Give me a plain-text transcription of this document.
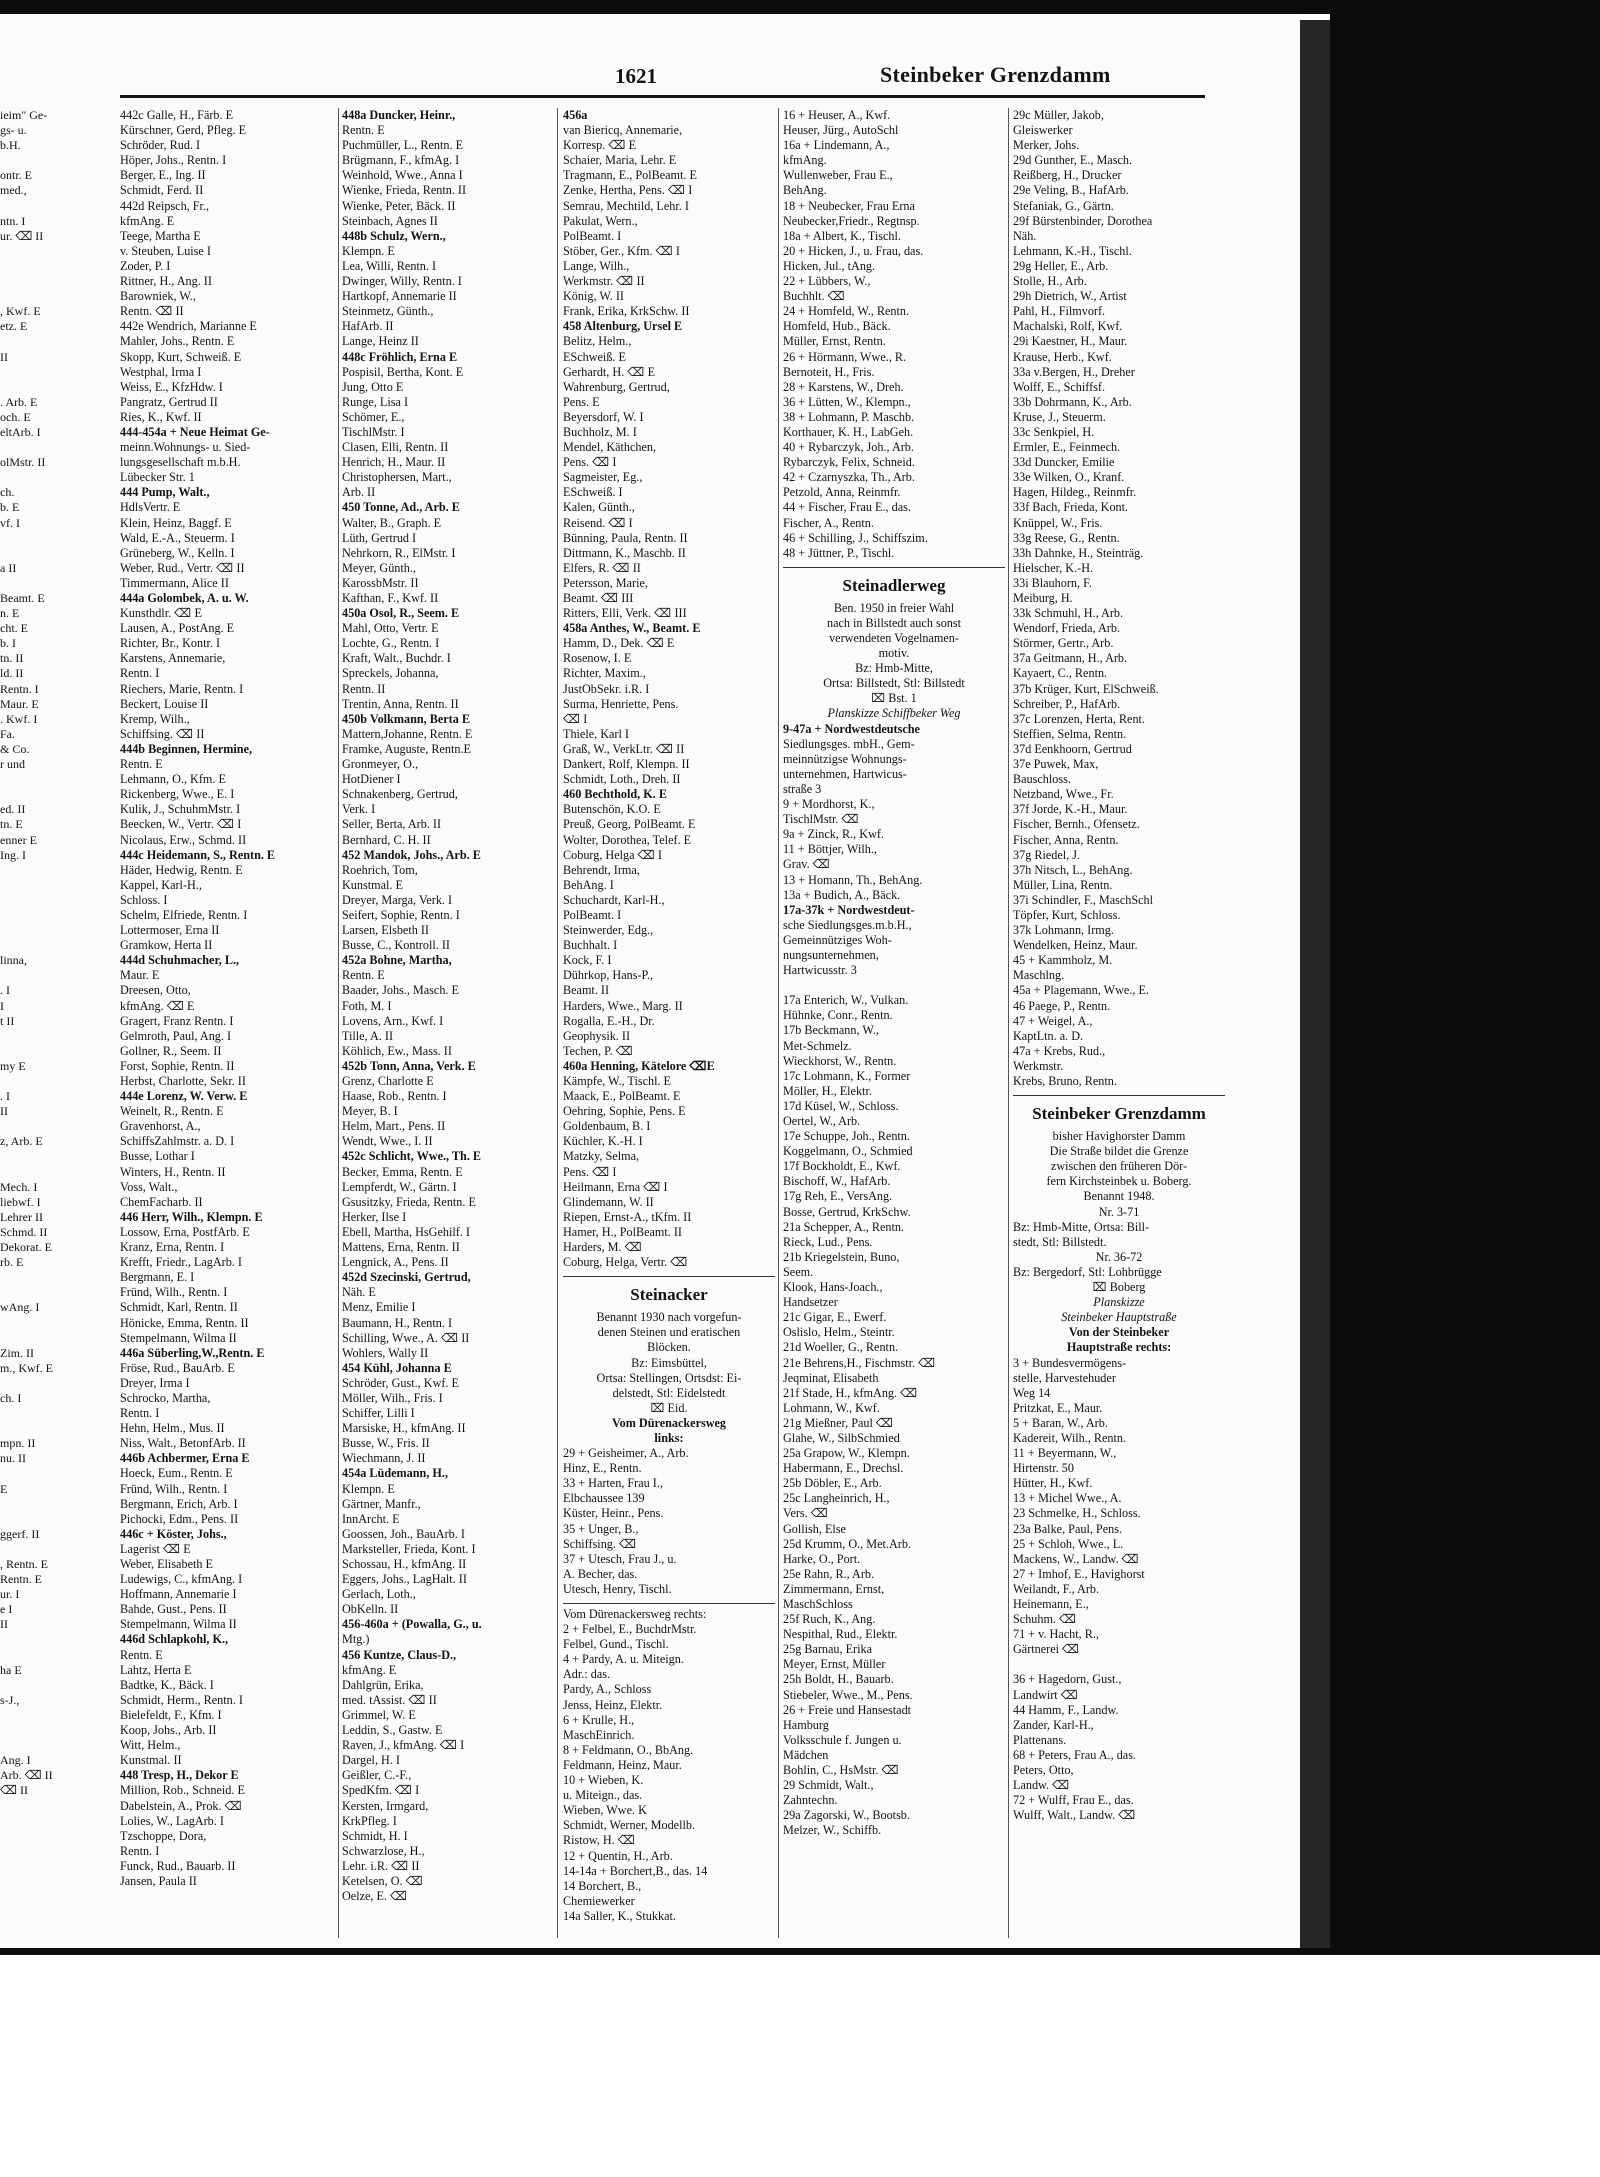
1621	Steinbeker Grenzdamm
ieim" Ge-
gs- u.
b.H.
ontr. E
med.,
ntn. I
ur. ⌫ II
, Kwf. E
etz. E
II
. Arb. E
och. E
eltArb. I
olMstr. II
ch.
b. E
vf. I
a II
Beamt. E
n. E
cht. E
b. I
tn. II
ld. II
Rentn. I
Maur. E
. Kwf. I
Fa.
& Co.
r und
ed. II
tn. E
enner E
Ing. I
linna,
. I
I
t II
my E
. I
II
z, Arb. E
Mech. I
liebwf. I
Lehrer II
Schmd. II
Dekorat. E
rb. E
wAng. I
Zim. II
m., Kwf. E
ch. I
mpn. II
nu. II
E
ggerf. II
, Rentn. E
Rentn. E
ur. I
e I
II
ha E
s-J.,
Ang. I
Arb. ⌫ II
⌫ II
442c Galle, H., Färb. E
Kürschner, Gerd, Pfleg. E
Schröder, Rud. I
Höper, Johs., Rentn. I
Berger, E., Ing. II
Schmidt, Ferd. II
442d Reipsch, Fr.,
kfmAng. E
Teege, Martha E
v. Steuben, Luise I
Zoder, P. I
Rittner, H., Ang. II
Barowniek, W.,
Rentn. ⌫ II
442e Wendrich, Marianne E
Mahler, Johs., Rentn. E
Skopp, Kurt, Schweiß. E
Westphal, Irma I
Weiss, E., KfzHdw. I
Pangratz, Gertrud II
Ries, K., Kwf. II
444-454a + Neue Heimat Ge-
meinn.Wohnungs- u. Sied-
lungsgesellschaft m.b.H.
Lübecker Str. 1
444 Pump, Walt.,
HdlsVertr. E
Klein, Heinz, Baggf. E
Wald, E.-A., Steuerm. I
Grüneberg, W., Kelln. I
Weber, Rud., Vertr. ⌫ II
Timmermann, Alice II
444a Golombek, A. u. W.
Kunsthdlr. ⌫ E
Lausen, A., PostAng. E
Richter, Br., Kontr. I
Karstens, Annemarie,
Rentn. I
Riechers, Marie, Rentn. I
Beckert, Louise II
Kremp, Wilh.,
Schiffsing. ⌫ II
444b Beginnen, Hermine,
Rentn. E
Lehmann, O., Kfm. E
Rickenberg, Wwe., E. I
Kulik, J., SchuhmMstr. I
Beecken, W., Vertr. ⌫ I
Nicolaus, Erw., Schmd. II
444c Heidemann, S., Rentn. E
Häder, Hedwig, Rentn. E
Kappel, Karl-H.,
Schloss. I
Schelm, Elfriede, Rentn. I
Lottermoser, Erna II
Gramkow, Herta II
444d Schuhmacher, L.,
Maur. E
Dreesen, Otto,
kfmAng. ⌫ E
Gragert, Franz Rentn. I
Gelmroth, Paul, Ang. I
Gollner, R., Seem. II
Forst, Sophie, Rentn. II
Herbst, Charlotte, Sekr. II
444e Lorenz, W. Verw. E
Weinelt, R., Rentn. E
Gravenhorst, A.,
SchiffsZahlmstr. a. D. I
Busse, Lothar I
Winters, H., Rentn. II
Voss, Walt.,
ChemFacharb. II
446 Herr, Wilh., Klempn. E
Lossow, Erna, PostfArb. E
Kranz, Erna, Rentn. I
Krefft, Friedr., LagArb. I
Bergmann, E. I
Fründ, Wilh., Rentn. I
Schmidt, Karl, Rentn. II
Hönicke, Emma, Rentn. II
Stempelmann, Wilma II
446a Süberling,W.,Rentn. E
Fröse, Rud., BauArb. E
Dreyer, Irma I
Schrocko, Martha,
Rentn. I
Hehn, Helm., Mus. II
Niss, Walt., BetonfArb. II
446b Achbermer, Erna E
Hoeck, Eum., Rentn. E
Fründ, Wilh., Rentn. I
Bergmann, Erich, Arb. I
Pichocki, Edm., Pens. II
446c + Köster, Johs.,
Lagerist ⌫ E
Weber, Elisabeth E
Ludewigs, C., kfmAng. I
Hoffmann, Annemarie I
Bahde, Gust., Pens. II
Stempelmann, Wilma II
446d Schlapkohl, K.,
Rentn. E
Lahtz, Herta E
Badtke, K., Bäck. I
Schmidt, Herm., Rentn. I
Bielefeldt, F., Kfm. I
Koop, Johs., Arb. II
Witt, Helm.,
Kunstmal. II
448 Tresp, H., Dekor E
Million, Rob., Schneid. E
Dabelstein, A., Prok. ⌫
Lolies, W., LagArb. I
Tzschoppe, Dora,
Rentn. I
Funck, Rud., Bauarb. II
Jansen, Paula II
448a Duncker, Heinr.,
Rentn. E
Puchmüller, L., Rentn. E
Brügmann, F., kfmAg. I
Weinhold, Wwe., Anna I
Wienke, Frieda, Rentn. II
Wienke, Peter, Bäck. II
Steinbach, Agnes II
448b Schulz, Wern.,
Klempn. E
Lea, Willi, Rentn. I
Dwinger, Willy, Rentn. I
Hartkopf, Annemarie II
Steinmetz, Günth.,
HafArb. II
Lange, Heinz II
448c Fröhlich, Erna E
Pospisil, Bertha, Kont. E
Jung, Otto E
Runge, Lisa I
Schömer, E.,
TischlMstr. I
Clasen, Elli, Rentn. II
Henrich, H., Maur. II
Christophersen, Mart.,
Arb. II
450 Tonne, Ad., Arb. E
Walter, B., Graph. E
Lüth, Gertrud I
Nehrkorn, R., ElMstr. I
Meyer, Günth.,
KarossbMstr. II
Kafthan, F., Kwf. II
450a Osol, R., Seem. E
Mahl, Otto, Vertr. E
Lochte, G., Rentn. I
Kraft, Walt., Buchdr. I
Spreckels, Johanna,
Rentn. II
Trentin, Anna, Rentn. II
450b Volkmann, Berta E
Mattern,Johanne, Rentn. E
Framke, Auguste, Rentn.E
Gronmeyer, O.,
HotDiener I
Schnakenberg, Gertrud,
Verk. I
Seller, Berta, Arb. II
Bernhard, C. H. II
452 Mandok, Johs., Arb. E
Roehrich, Tom,
Kunstmal. E
Dreyer, Marga, Verk. I
Seifert, Sophie, Rentn. I
Larsen, Elsbeth II
Busse, C., Kontroll. II
452a Bohne, Martha,
Rentn. E
Baader, Johs., Masch. E
Foth, M. I
Lovens, Arn., Kwf. I
Tille, A. II
Köhlich, Ew., Mass. II
452b Tonn, Anna, Verk. E
Grenz, Charlotte E
Haase, Rob., Rentn. I
Meyer, B. I
Helm, Mart., Pens. II
Wendt, Wwe., I. II
452c Schlicht, Wwe., Th. E
Becker, Emma, Rentn. E
Lempferdt, W., Gärtn. I
Gsusitzky, Frieda, Rentn. E
Herker, Ilse I
Ebell, Martha, HsGehilf. I
Mattens, Erna, Rentn. II
Lengnick, A., Pens. II
452d Szecinski, Gertrud,
Näh. E
Menz, Emilie I
Baumann, H., Rentn. I
Schilling, Wwe., A. ⌫ II
Wohlers, Wally II
454 Kühl, Johanna E
Schröder, Gust., Kwf. E
Möller, Wilh., Fris. I
Schiffer, Lilli I
Marsiske, H., kfmAng. II
Busse, W., Fris. II
Wiechmann, J. II
454a Lüdemann, H.,
Klempn. E
Gärtner, Manfr.,
InnArcht. E
Goossen, Joh., BauArb. I
Marksteller, Frieda, Kont. I
Schossau, H., kfmAng. II
Eggers, Johs., LagHalt. II
Gerlach, Loth.,
ObKelln. II
456-460a + (Powalla, G., u.
Mtg.)
456 Kuntze, Claus-D.,
kfmAng. E
Dahlgrün, Erika,
med. tAssist. ⌫ II
Grimmel, W. E
Leddin, S., Gastw. E
Raven, J., kfmAng. ⌫ I
Dargel, H. I
Geißler, C.-F.,
SpedKfm. ⌫ I
Kersten, Irmgard,
KrkPfleg. I
Schmidt, H. I
Schwarzlose, H.,
Lehr. i.R. ⌫ II
Ketelsen, O. ⌫
Oelze, E. ⌫
456a
van Biericq, Annemarie,
Korresp. ⌫ E
Schaier, Maria, Lehr. E
Tragmann, E., PolBeamt. E
Zenke, Hertha, Pens. ⌫ I
Semrau, Mechtild, Lehr. I
Pakulat, Wern.,
PolBeamt. I
Stöber, Ger., Kfm. ⌫ I
Lange, Wilh.,
Werkmstr. ⌫ II
König, W. II
Frank, Erika, KrkSchw. II
458 Altenburg, Ursel E
Belitz, Helm.,
ESchweiß. E
Gerhardt, H. ⌫ E
Wahrenburg, Gertrud,
Pens. E
Beyersdorf, W. I
Buchholz, M. I
Mendel, Käthchen,
Pens. ⌫ I
Sagmeister, Eg.,
ESchweiß. I
Kalen, Günth.,
Reisend. ⌫ I
Bünning, Paula, Rentn. II
Dittmann, K., Maschb. II
Elfers, R. ⌫ II
Petersson, Marie,
Beamt. ⌫ III
Ritters, Elli, Verk. ⌫ III
458a Anthes, W., Beamt. E
Hamm, D., Dek. ⌫ E
Rosenow, I. E
Richter, Maxim.,
JustObSekr. i.R. I
Surma, Henriette, Pens.
⌫ I
Thiele, Karl I
Graß, W., VerkLtr. ⌫ II
Dankert, Rolf, Klempn. II
Schmidt, Loth., Dreh. II
460 Bechthold, K. E
Butenschön, K.O. E
Preuß, Georg, PolBeamt. E
Wolter, Dorothea, Telef. E
Coburg, Helga ⌫ I
Behrendt, Irma,
BehAng. I
Schuchardt, Karl-H.,
PolBeamt. I
Steinwerder, Edg.,
Buchhalt. I
Kock, F. I
Dührkop, Hans-P.,
Beamt. II
Harders, Wwe., Marg. II
Rogalla, E.-H., Dr.
Geophysik. II
Techen, P. ⌫
460a Henning, Kätelore ⌫E
Kämpfe, W., Tischl. E
Maack, E., PolBeamt. E
Oehring, Sophie, Pens. E
Goldenbaum, B. I
Küchler, K.-H. I
Matzky, Selma,
Pens. ⌫ I
Heilmann, Erna ⌫ I
Glindemann, W. II
Riepen, Ernst-A., tKfm. II
Hamer, H., PolBeamt. II
Harders, M. ⌫
Coburg, Helga, Vertr. ⌫
Steinacker
Benannt 1930 nach vorgefun-
denen Steinen und eratischen
Blöcken.
Bz: Eimsbüttel,
Ortsa: Stellingen, Ortsdst: Ei-
delstedt, Stl: Eidelstedt
⌧ Eid.
Vom Dürenackersweg
links:
29 + Geisheimer, A., Arb.
Hinz, E., Rentn.
33 + Harten, Frau I.,
Elbchaussee 139
Küster, Heinr., Pens.
35 + Unger, B.,
Schiffsing. ⌫
37 + Utesch, Frau J., u.
A. Becher, das.
Utesch, Henry, Tischl.
Vom Dürenackersweg rechts:
2 + Felbel, E., BuchdrMstr.
Felbel, Gund., Tischl.
4 + Pardy, A. u. Miteign.
Adr.: das.
Pardy, A., Schloss
Jenss, Heinz, Elektr.
6 + Krulle, H.,
MaschEinrich.
8 + Feldmann, O., BbAng.
Feldmann, Heinz, Maur.
10 + Wieben, K.
u. Miteign., das.
Wieben, Wwe. K
Schmidt, Werner, Modellb.
Ristow, H. ⌫
12 + Quentin, H., Arb.
14-14a + Borchert,B., das. 14
14 Borchert, B.,
Chemiewerker
14a Saller, K., Stukkat.
16 + Heuser, A., Kwf.
Heuser, Jürg., AutoSchl
16a + Lindemann, A.,
kfmAng.
Wullenweber, Frau E.,
BehAng.
18 + Neubecker, Frau Erna
Neubecker,Friedr., Regtnsp.
18a + Albert, K., Tischl.
20 + Hicken, J., u. Frau, das.
Hicken, Jul., tAng.
22 + Lübbers, W.,
Buchhlt. ⌫
24 + Homfeld, W., Rentn.
Homfeld, Hub., Bäck.
Müller, Ernst, Rentn.
26 + Hörmann, Wwe., R.
Bernoteit, H., Fris.
28 + Karstens, W., Dreh.
36 + Lütten, W., Klempn.,
38 + Lohmann, P. Maschb.
Korthauer, K. H., LabGeh.
40 + Rybarczyk, Joh., Arb.
Rybarczyk, Felix, Schneid.
42 + Czarnyszka, Th., Arb.
Petzold, Anna, Reinmfr.
44 + Fischer, Frau E., das.
Fischer, A., Rentn.
46 + Schilling, J., Schiffszim.
48 + Jüttner, P., Tischl.
Steinadlerweg
Ben. 1950 in freier Wahl
nach in Billstedt auch sonst
verwendeten Vogelnamen-
motiv.
Bz: Hmb-Mitte,
Ortsa: Billstedt, Stl: Billstedt
⌧ Bst. 1
Planskizze Schiffbeker Weg
9-47a + Nordwestdeutsche
Siedlungsges. mbH., Gem-
meinnützigse Wohnungs-
unternehmen, Hartwicus-
straße 3
9 + Mordhorst, K.,
TischlMstr. ⌫
9a + Zinck, R., Kwf.
11 + Böttjer, Wilh.,
Grav. ⌫
13 + Homann, Th., BehAng.
13a + Budich, A., Bäck.
17a-37k + Nordwestdeut-
sche Siedlungsges.m.b.H.,
Gemeinnütziges Woh-
nungsunternehmen,
Hartwicusstr. 3
17a Enterich, W., Vulkan.
Hühnke, Conr., Rentn.
17b Beckmann, W.,
Met-Schmelz.
Wieckhorst, W., Rentn.
17c Lohmann, K., Former
Möller, H., Elektr.
17d Küsel, W., Schloss.
Oertel, W., Arb.
17e Schuppe, Joh., Rentn.
Koggelmann, O., Schmied
17f Bockholdt, E., Kwf.
Bischoff, W., HafArb.
17g Reh, E., VersAng.
Bosse, Gertrud, KrkSchw.
21a Schepper, A., Rentn.
Rieck, Lud., Pens.
21b Kriegelstein, Buno,
Seem.
Klook, Hans-Joach.,
Handsetzer
21c Gigar, E., Ewerf.
Oslislo, Helm., Steintr.
21d Woeller, G., Rentn.
21e Behrens,H., Fischmstr. ⌫
Jeqminat, Elisabeth
21f Stade, H., kfmAng. ⌫
Lohmann, W., Kwf.
21g Mießner, Paul ⌫
Glahe, W., SilbSchmied
25a Grapow, W., Klempn.
Habermann, E., Drechsl.
25b Döbler, E., Arb.
25c Langheinrich, H.,
Vers. ⌫
Gollish, Else
25d Krumm, O., Met.Arb.
Harke, O., Port.
25e Rahn, R., Arb.
Zimmermann, Ernst,
MaschSchloss
25f Ruch, K., Ang.
Nespithal, Rud., Elektr.
25g Barnau, Erika
Meyer, Ernst, Müller
25h Boldt, H., Bauarb.
Stiebeler, Wwe., M., Pens.
26 + Freie und Hansestadt
Hamburg
Volksschule f. Jungen u.
Mädchen
Bohlin, C., HsMstr. ⌫
29 Schmidt, Walt.,
Zahntechn.
29a Zagorski, W., Bootsb.
Melzer, W., Schiffb.
29c Müller, Jakob,
Gleiswerker
Merker, Johs.
29d Gunther, E., Masch.
Reißberg, H., Drucker
29e Veling, B., HafArb.
Stefaniak, G., Gärtn.
29f Bürstenbinder, Dorothea
Näh.
Lehmann, K.-H., Tischl.
29g Heller, E., Arb.
Stolle, H., Arb.
29h Dietrich, W., Artist
Pahl, H., Filmvorf.
Machalski, Rolf, Kwf.
29i Kaestner, H., Maur.
Krause, Herb., Kwf.
33a v.Bergen, H., Dreher
Wolff, E., Schiffsf.
33b Dohrmann, K., Arb.
Kruse, J., Steuerm.
33c Senkpiel, H.
Ermler, E., Feinmech.
33d Duncker, Emilie
33e Wilken, O., Kranf.
Hagen, Hildeg., Reinmfr.
33f Bach, Frieda, Kont.
Knüppel, W., Fris.
33g Reese, G., Rentn.
33h Dahnke, H., Steinträg.
Hielscher, K.-H.
33i Blauhorn, F.
Meiburg, H.
33k Schmuhl, H., Arb.
Wendorf, Frieda, Arb.
Störmer, Gertr., Arb.
37a Geitmann, H., Arb.
Kayaert, C., Rentn.
37b Krüger, Kurt, ElSchweiß.
Schreiber, P., HafArb.
37c Lorenzen, Herta, Rent.
Steffien, Selma, Rentn.
37d Eenkhoorn, Gertrud
37e Puwek, Max,
Bauschloss.
Netzband, Wwe., Fr.
37f Jorde, K.-H., Maur.
Fischer, Bernh., Ofensetz.
Fischer, Anna, Rentn.
37g Riedel, J.
37h Nitsch, L., BehAng.
Müller, Lina, Rentn.
37i Schindler, F., MaschSchl
Töpfer, Kurt, Schloss.
37k Lohmann, Irmg.
Wendelken, Heinz, Maur.
45 + Kammholz, M.
Maschlng.
45a + Plagemann, Wwe., E.
46 Paege, P., Rentn.
47 + Weigel, A.,
KaptLtn. a. D.
47a + Krebs, Rud.,
Werkmstr.
Krebs, Bruno, Rentn.
Steinbeker Grenzdamm
bisher Havighorster Damm
Die Straße bildet die Grenze
zwischen den früheren Dör-
fern Kirchsteinbek u. Boberg.
Benannt 1948.
Nr. 3-71
Bz: Hmb-Mitte, Ortsa: Bill-
stedt, Stl: Billstedt.
Nr. 36-72
Bz: Bergedorf, Stl: Lohbrügge
⌧ Boberg
Planskizze
Steinbeker Hauptstraße
Von der Steinbeker
Hauptstraße rechts:
3 + Bundesvermögens-
stelle, Harvestehuder
Weg 14
Pritzkat, E., Maur.
5 + Baran, W., Arb.
Kadereit, Wilh., Rentn.
11 + Beyermann, W.,
Hirtenstr. 50
Hütter, H., Kwf.
13 + Michel Wwe., A.
23 Schmelke, H., Schloss.
23a Balke, Paul, Pens.
25 + Schloh, Wwe., L.
Mackens, W., Landw. ⌫
27 + Imhof, E., Havighorst
Weilandt, F., Arb.
Heinemann, E.,
Schuhm. ⌫
71 + v. Hacht, R.,
Gärtnerei ⌫
36 + Hagedorn, Gust.,
Landwirt ⌫
44 Hamm, F., Landw.
Zander, Karl-H.,
Plattenans.
68 + Peters, Frau A., das.
Peters, Otto,
Landw. ⌫
72 + Wulff, Frau E., das.
Wulff, Walt., Landw. ⌫
